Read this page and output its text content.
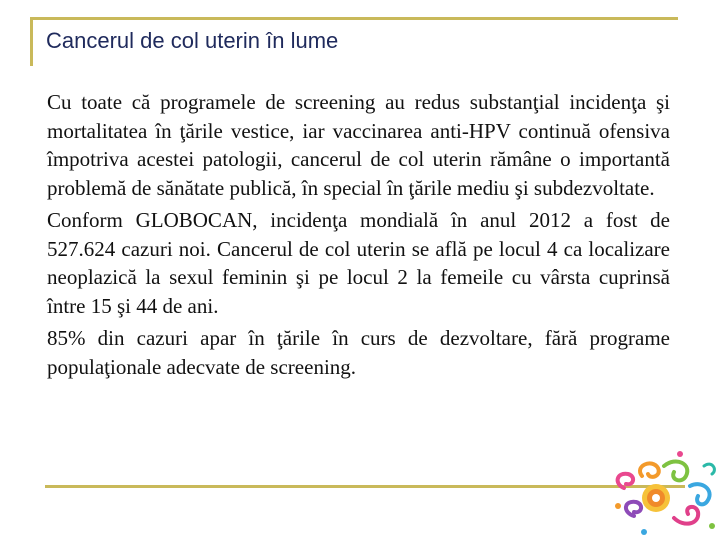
Cancerul de col uterin în lume

Cu toate că programele de screening au redus substanţial incidenţa şi mortalitatea în ţările vestice, iar vaccinarea anti-HPV continuă ofensiva împotriva acestei patologii, cancerul de col uterin rămâne o importantă problemă de sănătate publică, în special în ţările mediu şi subdezvoltate.

Conform GLOBOCAN, incidenţa mondială în anul 2012 a fost de 527.624 cazuri noi. Cancerul de col uterin se află pe locul 4 ca localizare neoplazică la sexul feminin şi pe locul 2 la femeile cu vârsta cuprinsă între 15 şi 44 de ani.

85% din cazuri apar în ţările în curs de dezvoltare, fără programe populaţionale adecvate de screening.
